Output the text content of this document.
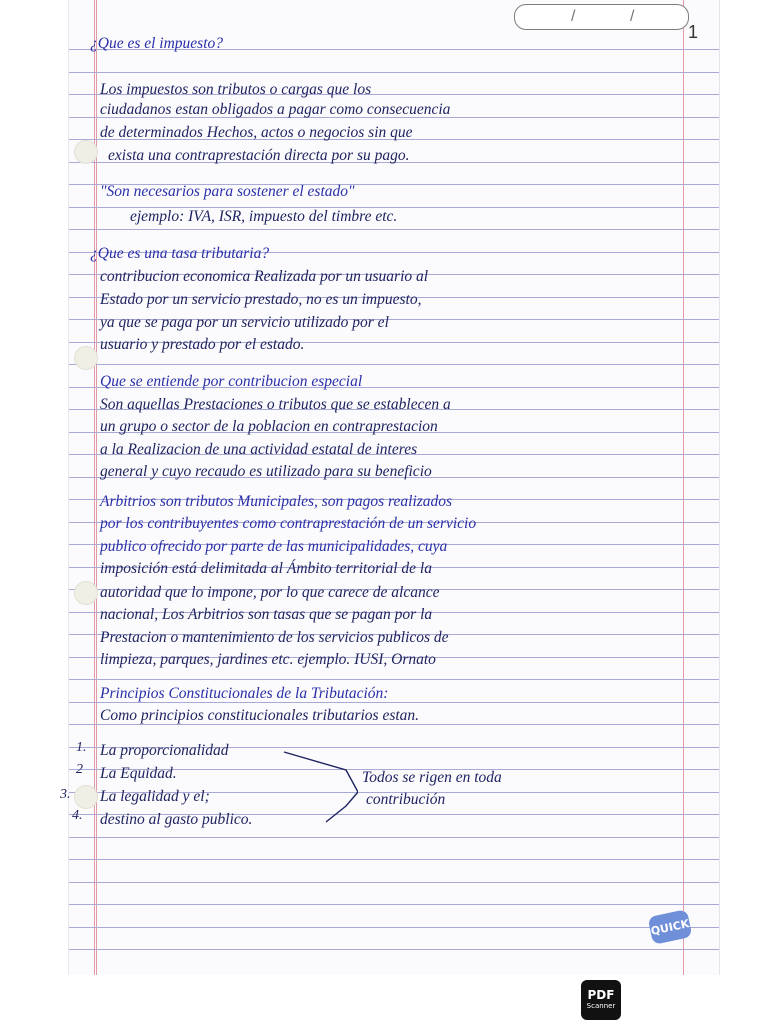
/	/
1
¿Que es el impuesto?
Los impuestos son tributos o cargas que los
ciudadanos estan obligados a pagar como consecuencia
de determinados Hechos, actos o negocios sin que
exista una contraprestación directa por su pago.
"Son necesarios para sostener el estado"
ejemplo: IVA, ISR, impuesto del timbre etc.
¿Que es una tasa tributaria?
contribucion economica Realizada por un usuario al
Estado por un servicio prestado, no es un impuesto,
ya que se paga por un servicio utilizado por el
usuario y prestado por el estado.
Que se entiende por contribucion especial
Son aquellas Prestaciones o tributos que se establecen a
un grupo o sector de la poblacion en contraprestacion
a la Realizacion de una actividad estatal de interes
general y cuyo recaudo es utilizado para su beneficio
Arbitrios son tributos Municipales, son pagos realizados
por los contribuyentes como contraprestación de un servicio
publico ofrecido por parte de las municipalidades, cuya
imposición está delimitada al Ámbito territorial de la
autoridad que lo impone, por lo que carece de alcance
nacional, Los Arbitrios son tasas que se pagan por la
Prestacion o mantenimiento de los servicios publicos de
limpieza, parques, jardines etc. ejemplo. IUSI, Ornato
Principios Constitucionales de la Tributación:
Como principios constitucionales tributarios estan.
1.
2
3.
4.
La proporcionalidad
La Equidad.
La legalidad y el;
destino al gasto publico.
Todos se rigen en toda
contribución
QUICK
PDF
Scanner
